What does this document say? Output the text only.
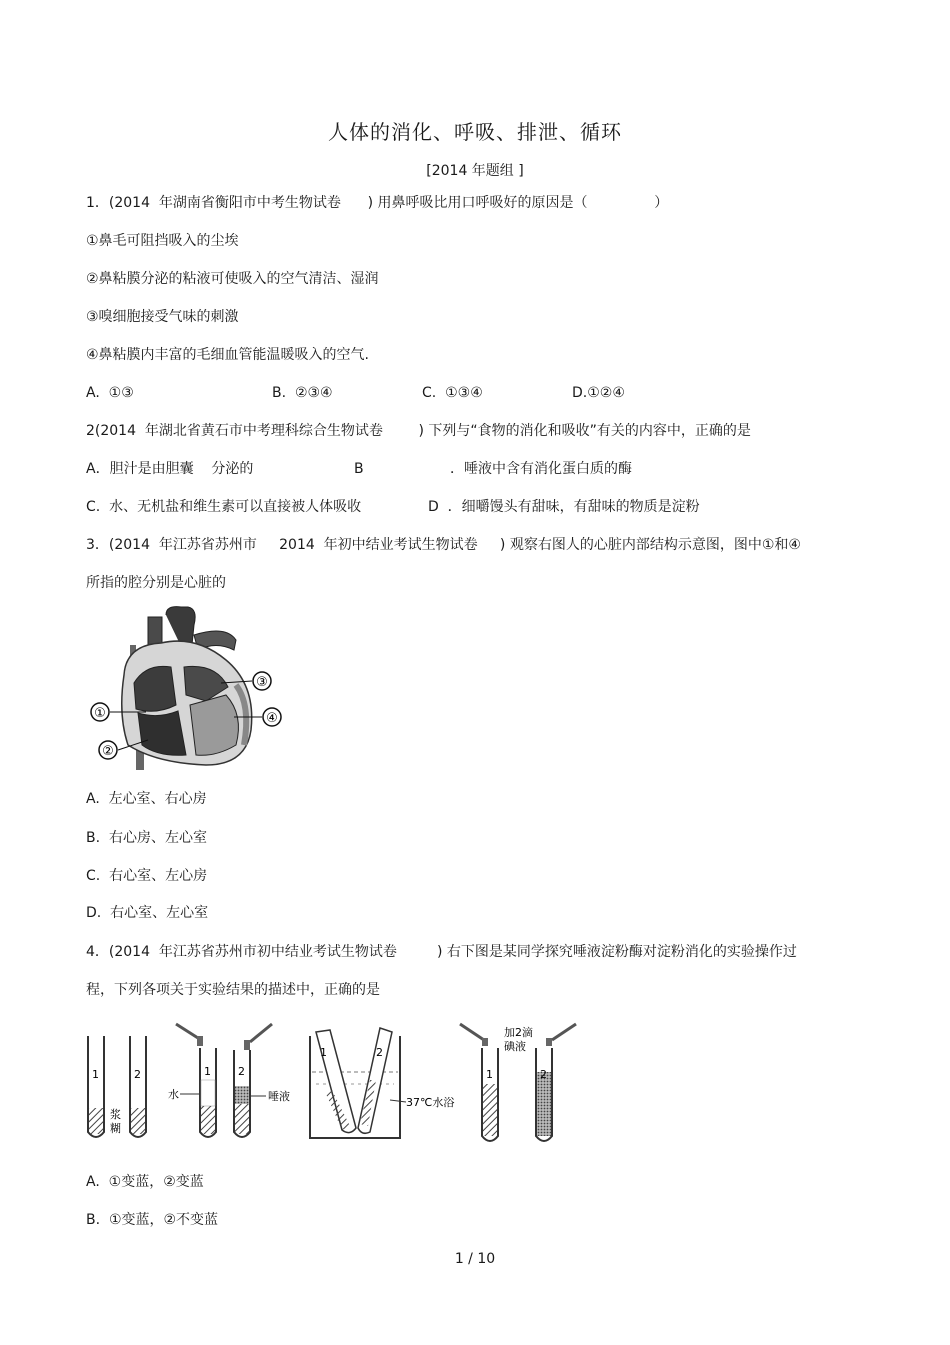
人体的消化、呼吸、排泄、循环
[2014 年题组 ]
1．(2014  年湖南省衡阳市中考生物试卷      ) 用鼻呼吸比用口呼吸好的原因是（               ）
①鼻毛可阻挡吸入的尘埃
②鼻粘膜分泌的粘液可使吸入的空气清洁、湿润
③嗅细胞接受气味的刺激
④鼻粘膜内丰富的毛细血管能温暖吸入的空气.
A.  ①③	B.  ②③④	C.  ①③④	D.①②④
2(2014  年湖北省黄石市中考理科综合生物试卷        ) 下列与“食物的消化和吸收”有关的内容中，正确的是
A．胆汁是由胆囊    分泌的	B	．唾液中含有消化蛋白质的酶
C.  水、无机盐和维生素可以直接被人体吸收	D  ．细嚼馒头有甜味，有甜味的物质是淀粉
3．(2014  年江苏省苏州市     2014  年初中结业考试生物试卷     ) 观察右图人的心脏内部结构示意图，图中①和④
所指的腔分别是心脏的
①
②
③
④
A.  左心室、右心房
B.  右心房、左心室
C.  右心室、左心房
D.  右心室、左心室
4．(2014  年江苏省苏州市初中结业考试生物试卷         ) 右下图是某同学探究唾液淀粉酶对淀粉消化的实验操作过
程，下列各项关于实验结果的描述中，正确的是
1	2
浆
糊
1
水
2
唾液
1	2
37℃水浴
1	2
加2滴
碘液
A.  ①变蓝，②变蓝
B.  ①变蓝，②不变蓝
1 / 10
